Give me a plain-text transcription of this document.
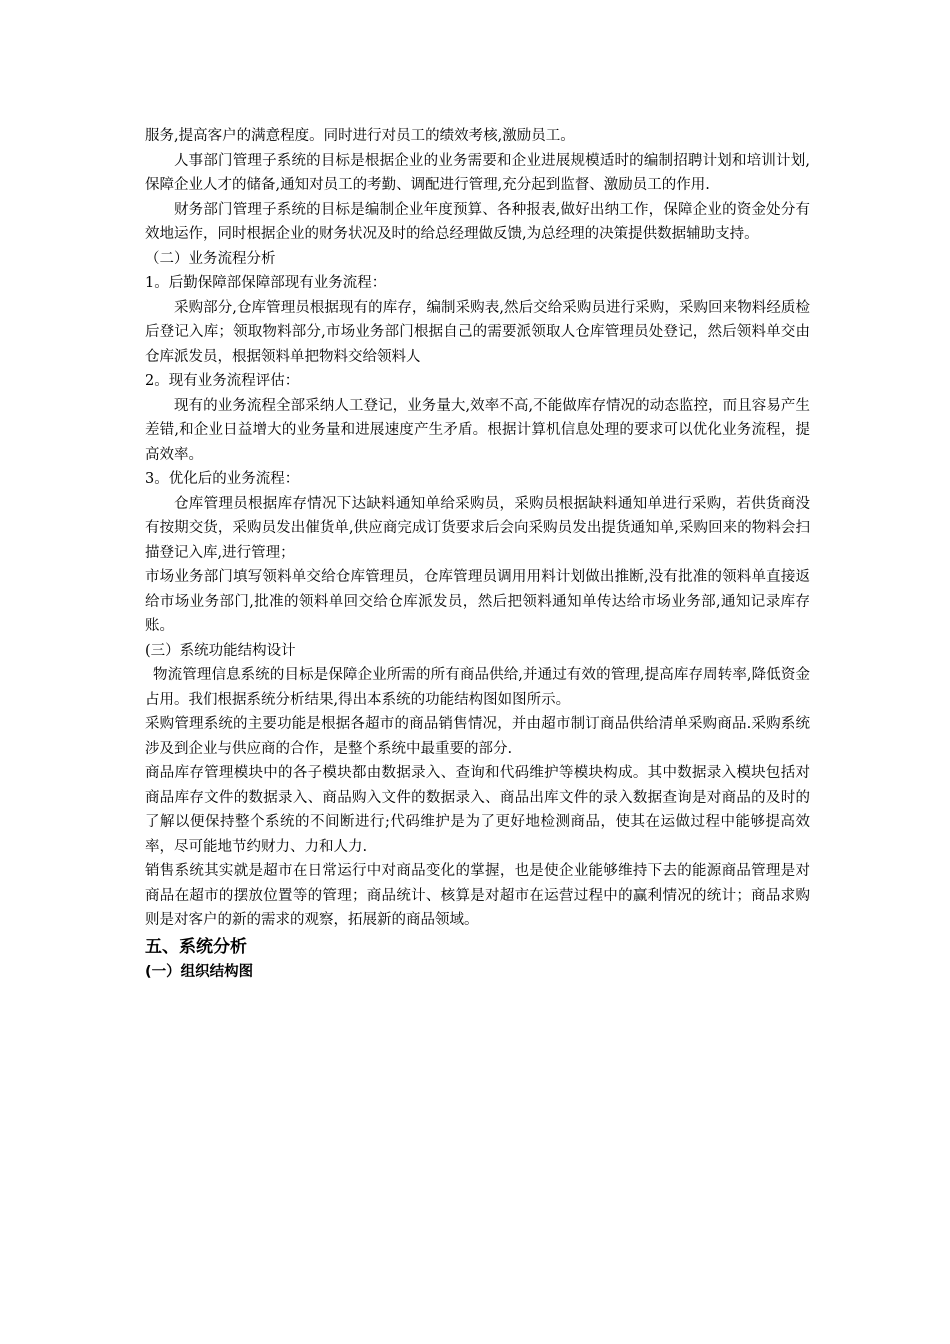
服务,提高客户的满意程度。同时进行对员工的绩效考核,激励员工。

人事部门管理子系统的目标是根据企业的业务需要和企业进展规模适时的编制招聘计划和培训计划,保障企业人才的储备,通知对员工的考勤、调配进行管理,充分起到监督、激励员工的作用.

财务部门管理子系统的目标是编制企业年度预算、各种报表,做好出纳工作，保障企业的资金处分有效地运作，同时根据企业的财务状况及时的给总经理做反馈,为总经理的决策提供数据辅助支持。

（二）业务流程分析

1。后勤保障部保障部现有业务流程：

采购部分,仓库管理员根据现有的库存，编制采购表,然后交给采购员进行采购，采购回来物料经质检后登记入库；领取物料部分,市场业务部门根据自己的需要派领取人仓库管理员处登记，然后领料单交由仓库派发员，根据领料单把物料交给领料人

2。现有业务流程评估：

现有的业务流程全部采纳人工登记，业务量大,效率不高,不能做库存情况的动态监控，而且容易产生差错,和企业日益增大的业务量和进展速度产生矛盾。根据计算机信息处理的要求可以优化业务流程，提高效率。

3。优化后的业务流程：

仓库管理员根据库存情况下达缺料通知单给采购员，采购员根据缺料通知单进行采购，若供货商没有按期交货，采购员发出催货单,供应商完成订货要求后会向采购员发出提货通知单,采购回来的物料会扫描登记入库,进行管理；

市场业务部门填写领料单交给仓库管理员，仓库管理员调用用料计划做出推断,没有批准的领料单直接返给市场业务部门,批准的领料单回交给仓库派发员，然后把领料通知单传达给市场业务部,通知记录库存账。

(三）系统功能结构设计

物流管理信息系统的目标是保障企业所需的所有商品供给,并通过有效的管理,提高库存周转率,降低资金占用。我们根据系统分析结果,得出本系统的功能结构图如图所示。

采购管理系统的主要功能是根据各超市的商品销售情况，并由超市制订商品供给清单采购商品.采购系统涉及到企业与供应商的合作，是整个系统中最重要的部分.

商品库存管理模块中的各子模块都由数据录入、查询和代码维护等模块构成。其中数据录入模块包括对商品库存文件的数据录入、商品购入文件的数据录入、商品出库文件的录入数据查询是对商品的及时的了解以便保持整个系统的不间断进行;代码维护是为了更好地检测商品，使其在运做过程中能够提高效率，尽可能地节约财力、力和人力.

销售系统其实就是超市在日常运行中对商品变化的掌握，也是使企业能够维持下去的能源商品管理是对商品在超市的摆放位置等的管理；商品统计、核算是对超市在运营过程中的赢利情况的统计；商品求购则是对客户的新的需求的观察，拓展新的商品领域。

五、系统分析

(一）组织结构图
